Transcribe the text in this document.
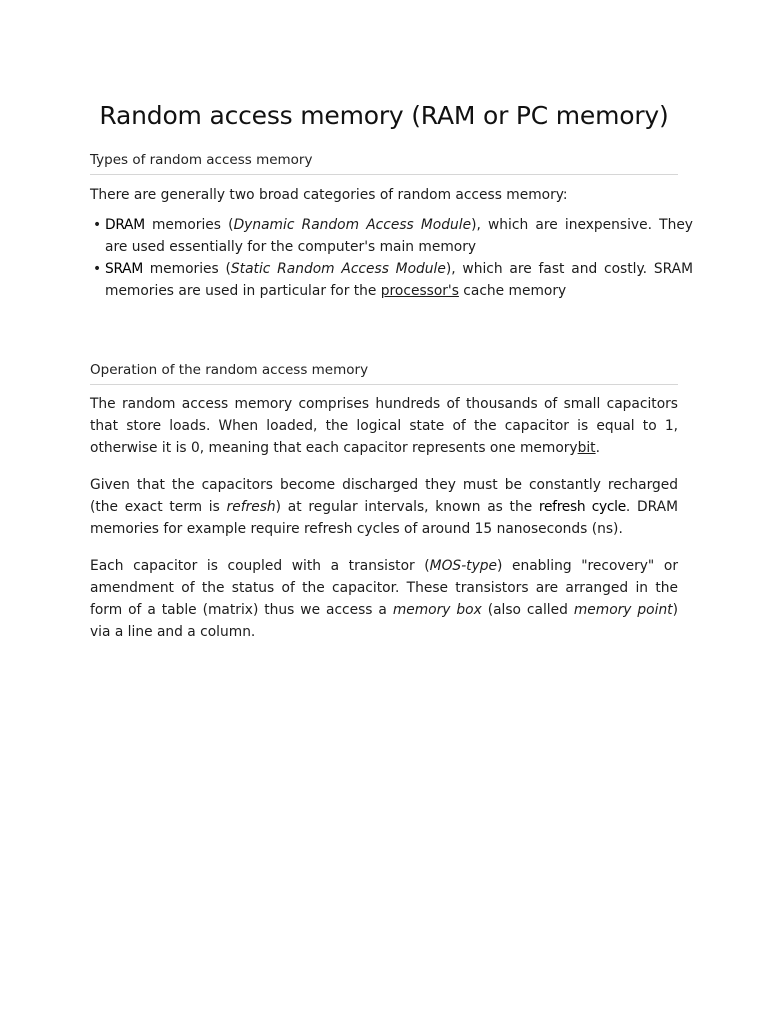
Random access memory (RAM or PC memory)
Types of random access memory

There are generally two broad categories of random access memory:

• DRAM memories (Dynamic Random Access Module), which are inexpensive. They are used essentially for the computer's main memory
• SRAM memories (Static Random Access Module), which are fast and costly. SRAM memories are used in particular for the processor's cache memory
Operation of the random access memory

The random access memory comprises hundreds of thousands of small capacitors that store loads. When loaded, the logical state of the capacitor is equal to 1, otherwise it is 0, meaning that each capacitor represents one memorybit.

Given that the capacitors become discharged they must be constantly recharged (the exact term is refresh) at regular intervals, known as the refresh cycle. DRAM memories for example require refresh cycles of around 15 nanoseconds (ns).

Each capacitor is coupled with a transistor (MOS-type) enabling "recovery" or amendment of the status of the capacitor. These transistors are arranged in the form of a table (matrix) thus we access a memory box (also called memory point) via a line and a column.
